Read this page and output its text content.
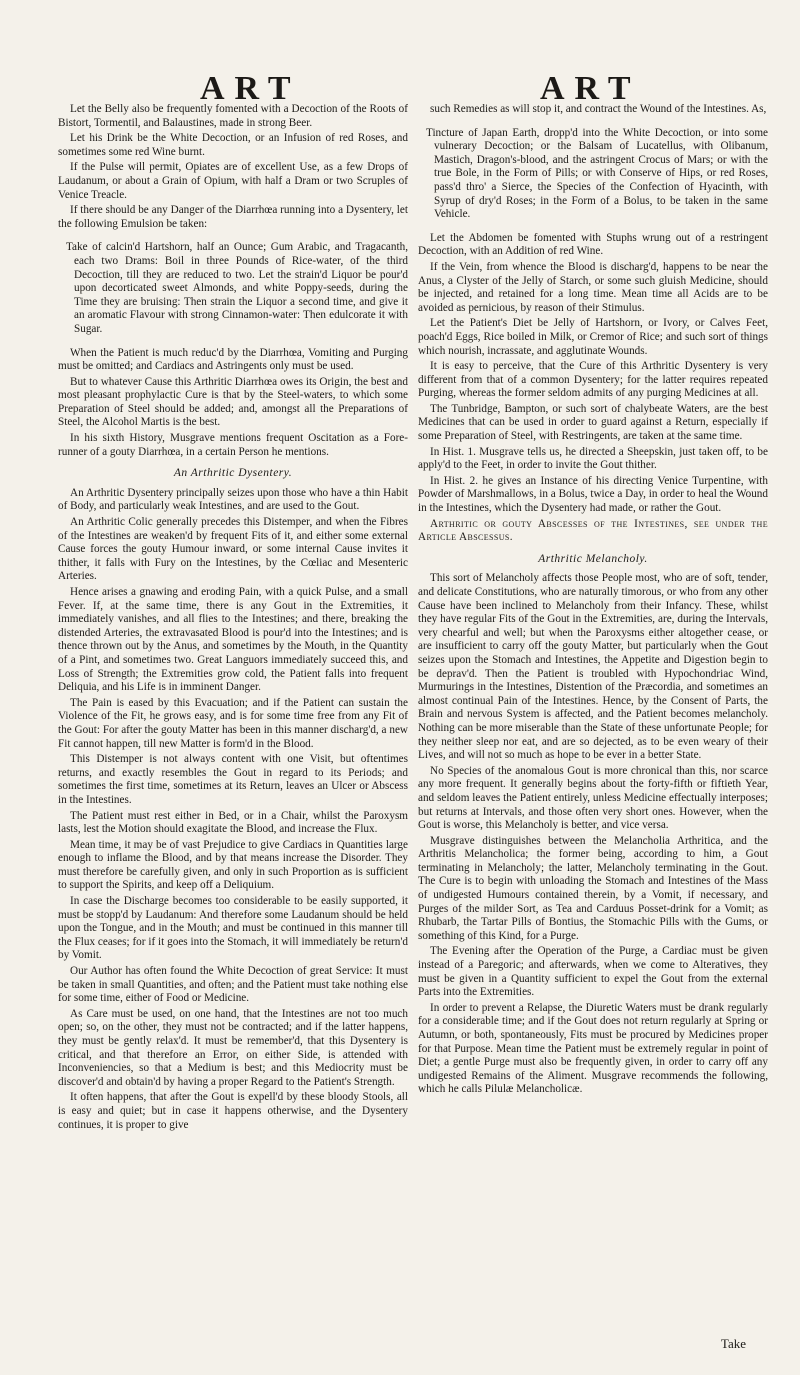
ART	ART

Let the Belly also be frequently fomented with a Decoction of the Roots of Bistort, Tormentil, and Balaustines, made in strong Beer.

Let his Drink be the White Decoction, or an Infusion of red Roses, and sometimes some red Wine burnt.

If the Pulse will permit, Opiates are of excellent Use, as a few Drops of Laudanum, or about a Grain of Opium, with half a Dram or two Scruples of Venice Treacle.

If there should be any Danger of the Diarrhœa running into a Dysentery, let the following Emulsion be taken:

Take of calcin'd Hartshorn, half an Ounce; Gum Arabic, and Tragacanth, each two Drams: Boil in three Pounds of Rice-water, of the third Decoction, till they are reduced to two. Let the strain'd Liquor be pour'd upon decorticated sweet Almonds, and white Poppy-seeds, during the Time they are bruising: Then strain the Liquor a second time, and give it an aromatic Flavour with strong Cinnamon-water: Then edulcorate it with Sugar.

When the Patient is much reduc'd by the Diarrhœa, Vomiting and Purging must be omitted; and Cardiacs and Astringents only must be used.

But to whatever Cause this Arthritic Diarrhœa owes its Origin, the best and most pleasant prophylactic Cure is that by the Steel-waters, to which some Preparation of Steel should be added; and, amongst all the Preparations of Steel, the Alcohol Martis is the best.

In his sixth History, Musgrave mentions frequent Oscitation as a Fore-runner of a gouty Diarrhœa, in a certain Person he mentions.

An Arthritic Dysentery.

An Arthritic Dysentery principally seizes upon those who have a thin Habit of Body, and particularly weak Intestines, and are used to the Gout.

An Arthritic Colic generally precedes this Distemper, and when the Fibres of the Intestines are weaken'd by frequent Fits of it, and either some external Cause forces the gouty Humour inward, or some internal Cause invites it thither, it falls with Fury on the Intestines, by the Cœliac and Mesenteric Arteries.

Hence arises a gnawing and eroding Pain, with a quick Pulse, and a small Fever. If, at the same time, there is any Gout in the Extremities, it immediately vanishes, and all flies to the Intestines; and there, breaking the distended Arteries, the extravasated Blood is pour'd into the Intestines; and is thence thrown out by the Anus, and sometimes by the Mouth, in the Quantity of a Pint, and sometimes two. Great Languors immediately succeed this, and Loss of Strength; the Extremities grow cold, the Patient falls into frequent Deliquia, and his Life is in imminent Danger.

The Pain is eased by this Evacuation; and if the Patient can sustain the Violence of the Fit, he grows easy, and is for some time free from any Fit of the Gout: For after the gouty Matter has been in this manner discharg'd, a new Fit cannot happen, till new Matter is form'd in the Blood.

This Distemper is not always content with one Visit, but oftentimes returns, and exactly resembles the Gout in regard to its Periods; and sometimes the first time, sometimes at its Return, leaves an Ulcer or Abscess in the Intestines.

The Patient must rest either in Bed, or in a Chair, whilst the Paroxysm lasts, lest the Motion should exagitate the Blood, and increase the Flux.

Mean time, it may be of vast Prejudice to give Cardiacs in Quantities large enough to inflame the Blood, and by that means increase the Disorder. They must therefore be carefully given, and only in such Proportion as is sufficient to support the Spirits, and keep off a Deliquium.

In case the Discharge becomes too considerable to be easily supported, it must be stopp'd by Laudanum: And therefore some Laudanum should be held upon the Tongue, and in the Mouth; and must be continued in this manner till the Flux ceases; for if it goes into the Stomach, it will immediately be return'd by Vomit.

Our Author has often found the White Decoction of great Service: It must be taken in small Quantities, and often; and the Patient must take nothing else for some time, either of Food or Medicine.

As Care must be used, on one hand, that the Intestines are not too much open; so, on the other, they must not be contracted; and if the latter happens, they must be gently relax'd. It must be remember'd, that this Dysentery is critical, and that therefore an Error, on either Side, is attended with Inconveniencies, so that a Medium is best; and this Mediocrity must be discover'd and obtain'd by having a proper Regard to the Patient's Strength.

It often happens, that after the Gout is expell'd by these bloody Stools, all is easy and quiet; but in case it happens otherwise, and the Dysentery continues, it is proper to give

such Remedies as will stop it, and contract the Wound of the Intestines. As,

Tincture of Japan Earth, dropp'd into the White Decoction, or into some vulnerary Decoction; or the Balsam of Lucatellus, with Olibanum, Mastich, Dragon's-blood, and the astringent Crocus of Mars; or with the true Bole, in the Form of Pills; or with Conserve of Hips, or red Roses, pass'd thro' a Sierce, the Species of the Confection of Hyacinth, with Syrup of dry'd Roses; in the Form of a Bolus, to be taken in the same Vehicle.

Let the Abdomen be fomented with Stuphs wrung out of a restringent Decoction, with an Addition of red Wine.

If the Vein, from whence the Blood is discharg'd, happens to be near the Anus, a Clyster of the Jelly of Starch, or some such gluish Medicine, should be injected, and retained for a long time. Mean time all Acids are to be avoided as pernicious, by reason of their Stimulus.

Let the Patient's Diet be Jelly of Hartshorn, or Ivory, or Calves Feet, poach'd Eggs, Rice boiled in Milk, or Cremor of Rice; and such sort of things which nourish, incrassate, and agglutinate Wounds.

It is easy to perceive, that the Cure of this Arthritic Dysentery is very different from that of a common Dysentery; for the latter requires repeated Purging, whereas the former seldom admits of any purging Medicines at all.

The Tunbridge, Bampton, or such sort of chalybeate Waters, are the best Medicines that can be used in order to guard against a Return, especially if some Preparation of Steel, with Restringents, are taken at the same time.

In Hist. 1. Musgrave tells us, he directed a Sheepskin, just taken off, to be apply'd to the Feet, in order to invite the Gout thither.

In Hist. 2. he gives an Instance of his directing Venice Turpentine, with Powder of Marshmallows, in a Bolus, twice a Day, in order to heal the Wound in the Intestines, which the Dysentery had made, or rather the Gout.

Arthritic or gouty Abscesses of the Intestines, see under the Article Abscessus.

Arthritic Melancholy.

This sort of Melancholy affects those People most, who are of soft, tender, and delicate Constitutions, who are naturally timorous, or who from any other Cause have been inclined to Melancholy from their Infancy. These, whilst they have regular Fits of the Gout in the Extremities, are, during the Intervals, very chearful and well; but when the Paroxysms either altogether cease, or are insufficient to carry off the gouty Matter, but particularly when the Gout seizes upon the Stomach and Intestines, the Appetite and Digestion begin to be deprav'd. Then the Patient is troubled with Hypochondriac Wind, Murmurings in the Intestines, Distention of the Præcordia, and sometimes an almost continual Pain of the Intestines. Hence, by the Consent of Parts, the Brain and nervous System is affected, and the Patient becomes melancholy. Nothing can be more miserable than the State of these unfortunate People; for they neither sleep nor eat, and are so dejected, as to be even weary of their Lives, and will not so much as hope to be ever in a better State.

No Species of the anomalous Gout is more chronical than this, nor scarce any more frequent. It generally begins about the forty-fifth or fiftieth Year, and seldom leaves the Patient entirely, unless Medicine effectually interposes; but returns at Intervals, and those often very short ones. However, when the Gout is worse, this Melancholy is better, and vice versa.

Musgrave distinguishes between the Melancholia Arthritica, and the Arthritis Melancholica; the former being, according to him, a Gout terminating in Melancholy; the latter, Melancholy terminating in the Gout. The Cure is to begin with unloading the Stomach and Intestines of the Mass of undigested Humours contained therein, by a Vomit, if necessary, and Purges of the milder Sort, as Tea and Carduus Posset-drink for a Vomit; as Rhubarb, the Tartar Pills of Bontius, the Stomachic Pills with the Gums, or something of this Kind, for a Purge.

The Evening after the Operation of the Purge, a Cardiac must be given instead of a Paregoric; and afterwards, when we come to Alteratives, they must be given in a Quantity sufficient to expel the Gout from the external Parts into the Extremities.

In order to prevent a Relapse, the Diuretic Waters must be drank regularly for a considerable time; and if the Gout does not return regularly at Spring or Autumn, or both, spontaneously, Fits must be procured by Medicines proper for that Purpose. Mean time the Patient must be extremely regular in point of Diet; a gentle Purge must also be frequently given, in order to carry off any undigested Remains of the Aliment. Musgrave recommends the following, which he calls Pilulæ Melancholicæ.

Take
